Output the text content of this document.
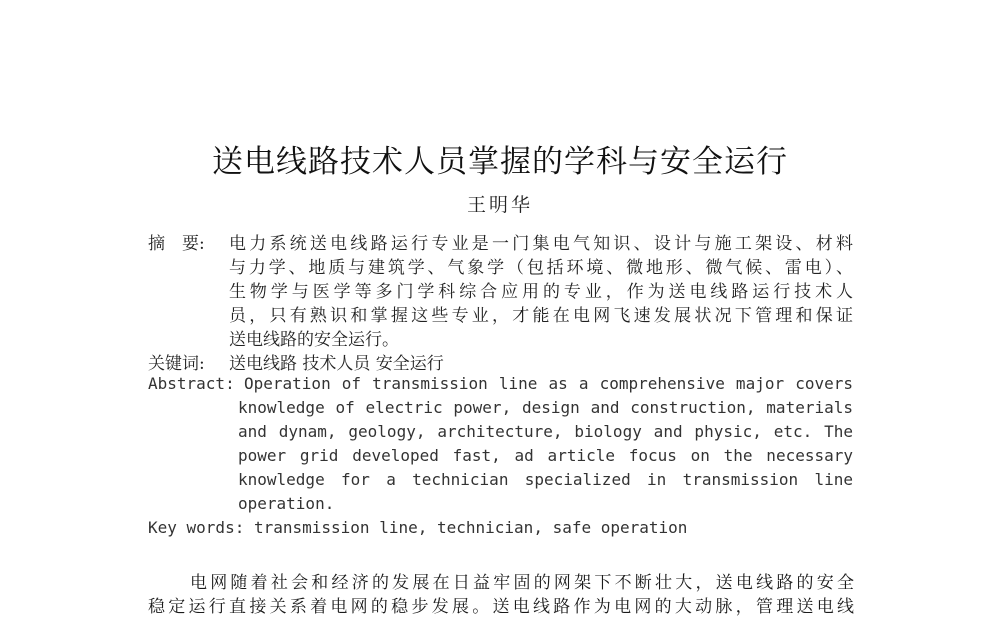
送电线路技术人员掌握的学科与安全运行
王明华
摘　要: 电力系统送电线路运行专业是一门集电气知识、设计与施工架设、材料
与力学、地质与建筑学、气象学（包括环境、微地形、微气候、雷电）、
生物学与医学等多门学科综合应用的专业，作为送电线路运行技术人
员，只有熟识和掌握这些专业，才能在电网飞速发展状况下管理和保证
送电线路的安全运行。
关键词: 送电线路 技术人员 安全运行
Abstract: Operation of transmission line as a comprehensive major covers
knowledge of electric power, design and construction, materials
and dynam, geology, architecture, biology and physic, etc. The
power grid developed fast, ad article focus on the necessary
knowledge for a technician specialized in transmission line
operation.
Key words: transmission line, technician, safe operation
电网随着社会和经济的发展在日益牢固的网架下不断壮大，送电线路的安全
稳定运行直接关系着电网的稳步发展。送电线路作为电网的大动脉，管理送电线
